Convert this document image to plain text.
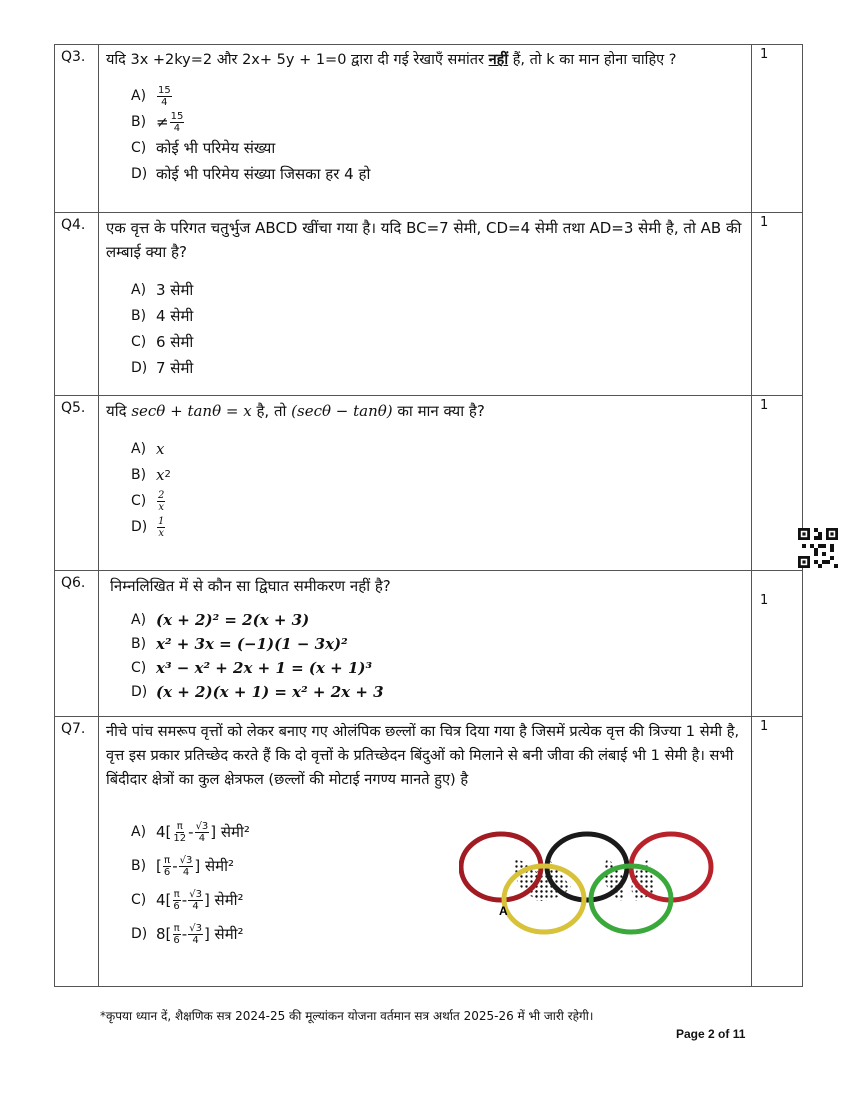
Q3.	यदि 3x +2ky=2 और 2x+ 5y + 1=0 द्वारा दी गई रेखाएँ समांतर नहीं हैं, तो k का मान होना चाहिए ?
A)	$\frac{15}{4}$
$B) \ne \frac{15}{4}$
C) कोई भी परिमेय संख्या
D) कोई भी परिमेय संख्या जिसका हर 4 हो
1
Q4.	एक वृत्त के परिगत चतुर्भुज ABCD खींचा गया है। यदि BC=7 सेमी, CD=4 सेमी तथा AD=3 सेमी है, तो AB की लम्बाई क्या है?
A) 3 सेमी
B) 4 सेमी
C) 6 सेमी
D) 7 सेमी
1
Q5.	यदि secθ + tanθ = x है, तो (secθ − tanθ) का मान क्या है?
A) x
B) x 2
C)	$\frac{2}{x}$
$D) \frac{1}{x}$
1
Q6.	निम्नलिखित में से कौन सा द्विघात समीकरण नहीं है?
A) (x + 2)² = 2(x + 3)
B) x² + 3x = (−1)(1 − 3x)²
C) x³ − x² + 2x + 1 = (x + 1)³
D) (x + 2)(x + 1) = x² + 2x + 3
1
Q7.	नीचे पांच समरूप वृत्तों को लेकर बनाए गए ओलंपिक छल्लों का चित्र दिया गया है जिसमें प्रत्येक वृत्त की त्रिज्या 1 सेमी है, वृत्त इस प्रकार प्रतिच्छेद करते हैं कि दो वृत्तों के प्रतिच्छेदन बिंदुओं को मिलाने से बनी जीवा की लंबाई भी 1 सेमी है। सभी बिंदीदार क्षेत्रों का कुल क्षेत्रफल (छल्लों की मोटाई नगण्य मानते हुए) है
A) $4[ \frac{\pi}{12} - \frac{√3}{4}$ ] सेमी²
B) [ $\frac{\pi}{6} - \frac{√3}{4}$ ] सेमी²
C) $4[ \frac{\pi}{6} - \frac{√3}{4}$ ] सेमी²
D) $8[ \frac{\pi}{6} - \frac{√3}{4}$ ] सेमी²
A
1
*कृपया ध्यान दें, शैक्षणिक सत्र 2024-25 की मूल्यांकन योजना वर्तमान सत्र अर्थात 2025-26 में भी जारी रहेगी।
Page 2 of 11
